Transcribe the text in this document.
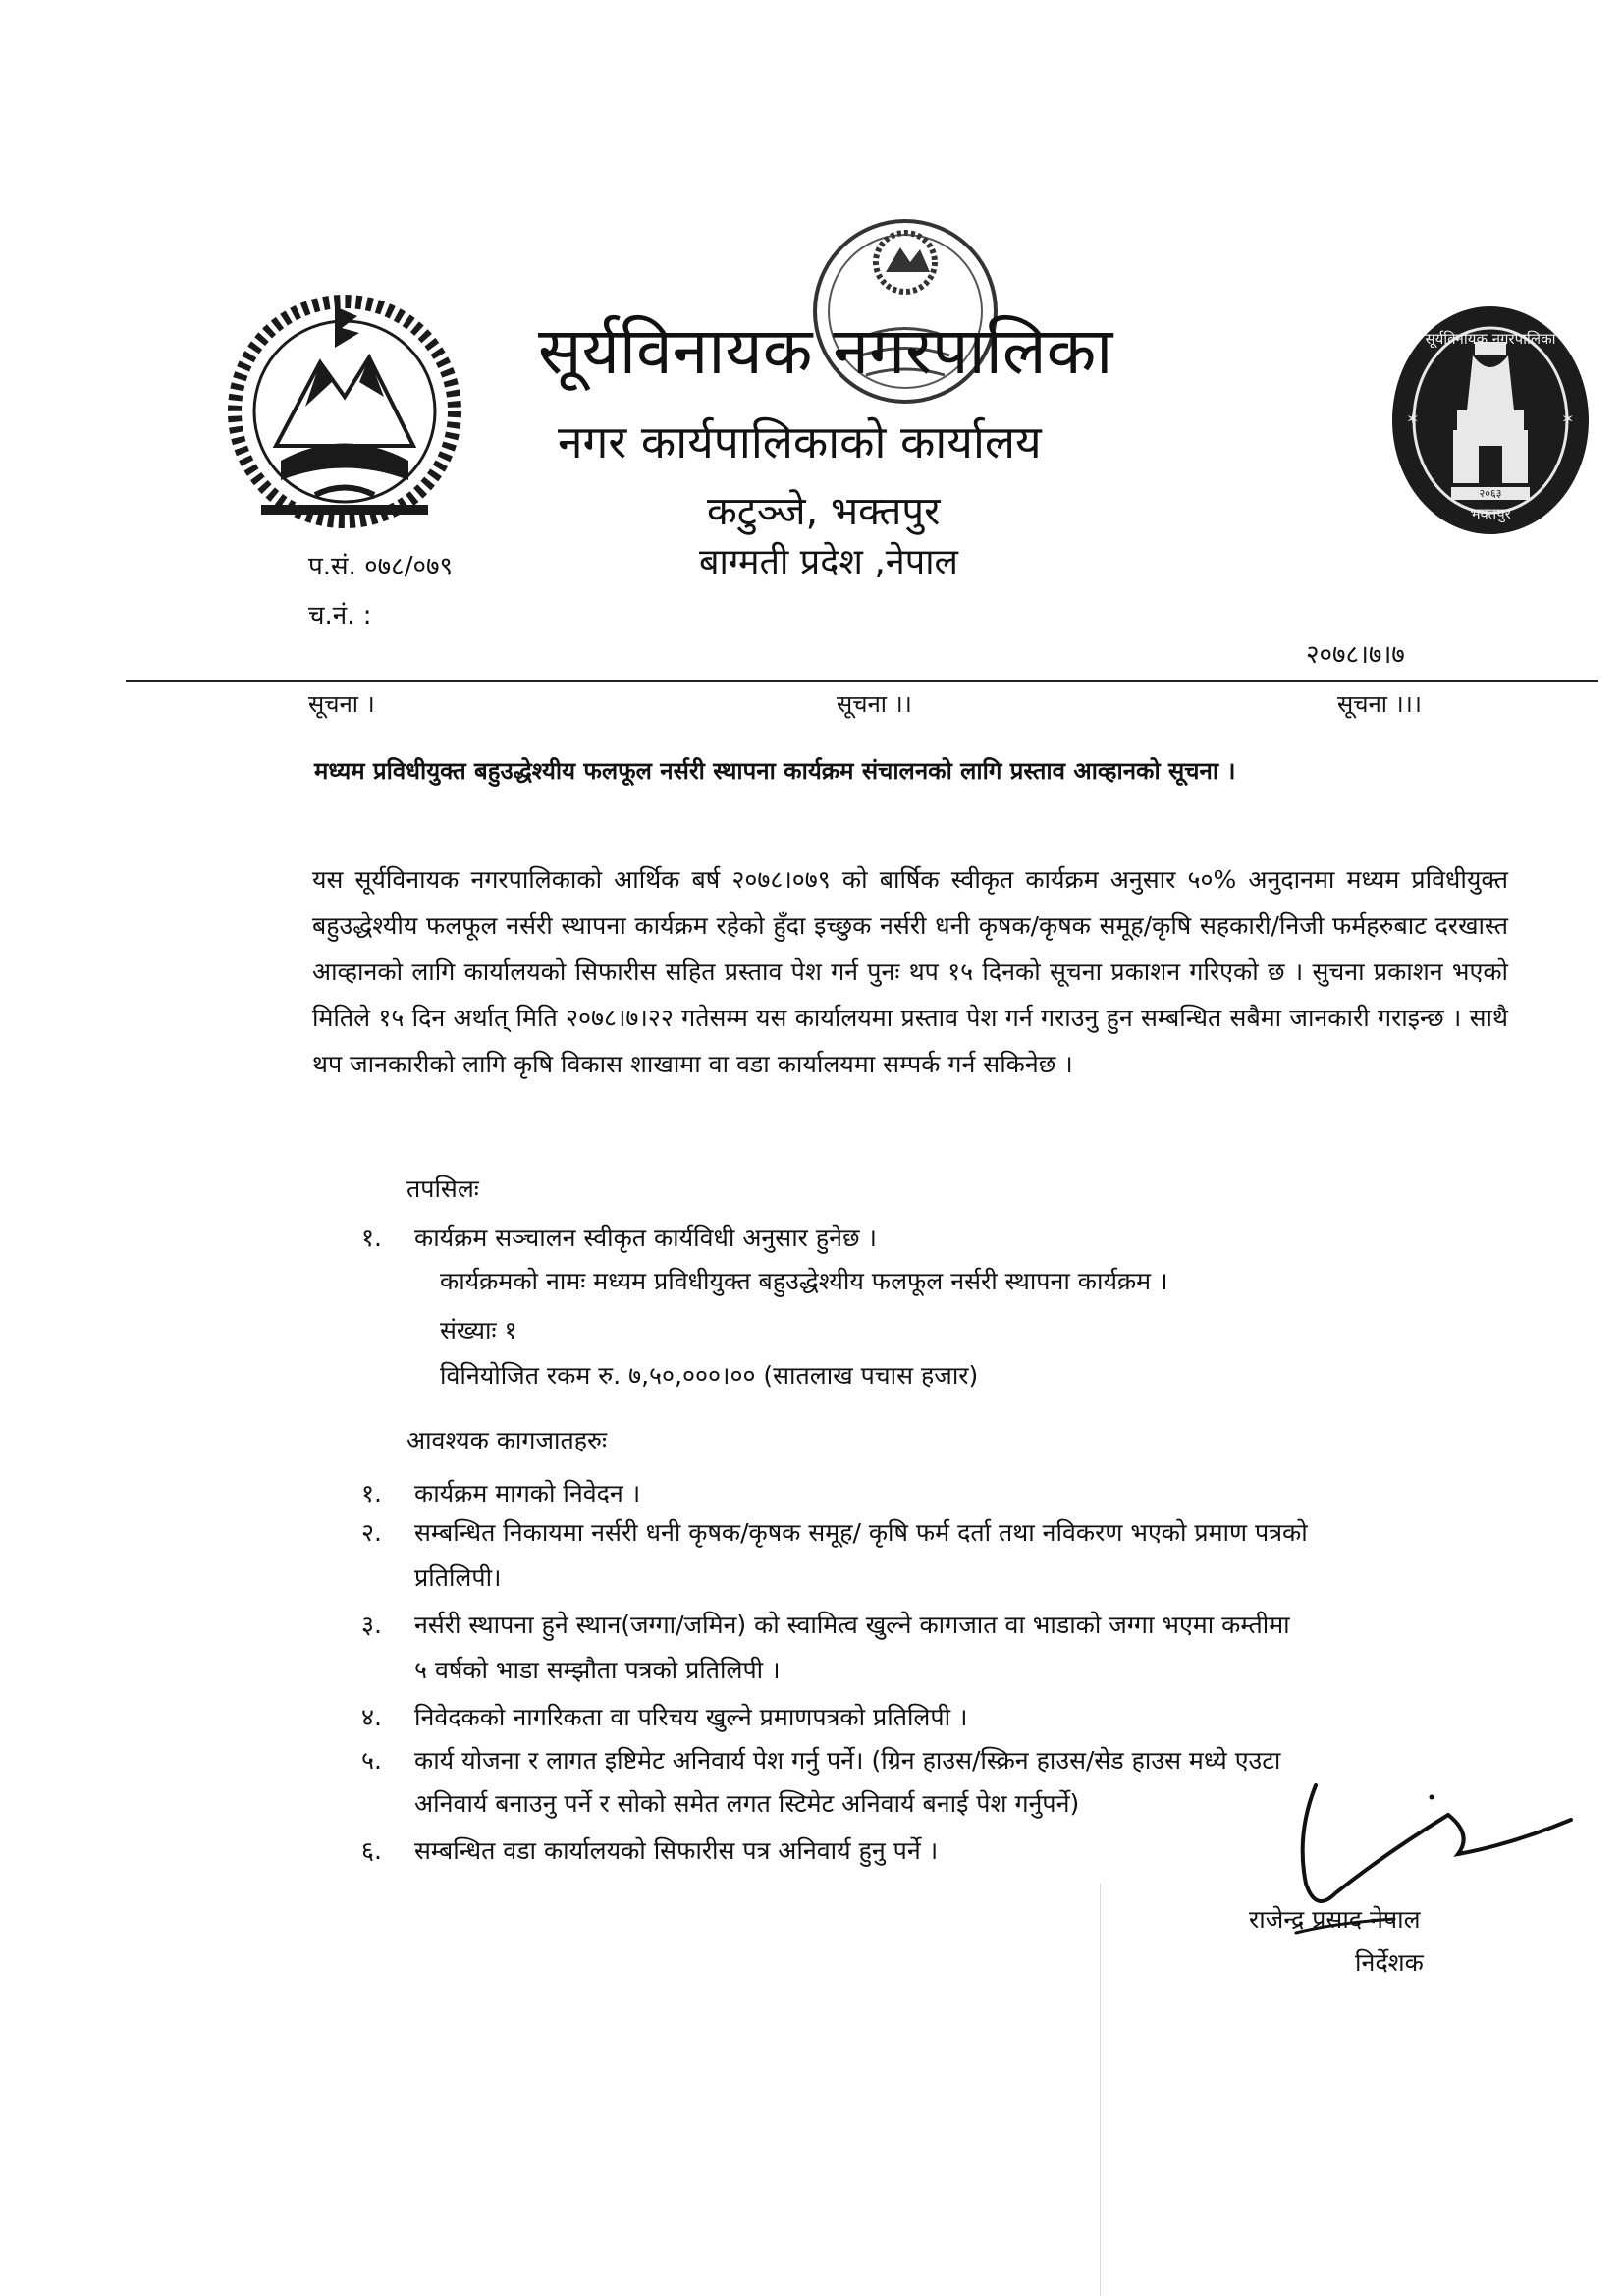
✶	✶
सूर्यविनायक नगरपालिका
२०६३
भक्तपुर
सूर्यविनायक नगरपालिका
नगर कार्यपालिकाको कार्यालय
कटुञ्जे, भक्तपुर
बाग्मती प्रदेश ,नेपाल
प.सं. ०७८/०७९
च.नं. :
२०७८।७।७
सूचना ।	सूचना ।।	सूचना ।।।
मध्यम प्रविधीयुक्त बहुउद्धेश्यीय फलफूल नर्सरी स्थापना कार्यक्रम संचालनको लागि प्रस्ताव आव्हानको सूचना ।
यस सूर्यविनायक नगरपालिकाको आर्थिक बर्ष २०७८।०७९ को बार्षिक स्वीकृत कार्यक्रम अनुसार ५०% अनुदानमा मध्यम प्रविधीयुक्त बहुउद्धेश्यीय फलफूल नर्सरी स्थापना कार्यक्रम रहेको हुँदा इच्छुक नर्सरी धनी कृषक/कृषक समूह/कृषि सहकारी/निजी फर्महरुबाट दरखास्त आव्हानको लागि कार्यालयको सिफारीस सहित प्रस्ताव पेश गर्न पुनः थप १५ दिनको सूचना प्रकाशन गरिएको छ । सुचना प्रकाशन भएको मितिले १५ दिन अर्थात् मिति २०७८।७।२२ गतेसम्म यस कार्यालयमा प्रस्ताव पेश गर्न गराउनु हुन सम्बन्धित सबैमा जानकारी गराइन्छ । साथै थप जानकारीको लागि कृषि विकास शाखामा वा वडा कार्यालयमा सम्पर्क गर्न सकिनेछ ।
तपसिलः
१. कार्यक्रम सञ्चालन स्वीकृत कार्यविधी अनुसार हुनेछ ।
कार्यक्रमको नामः मध्यम प्रविधीयुक्त बहुउद्धेश्यीय फलफूल नर्सरी स्थापना कार्यक्रम ।
संख्याः १
विनियोजित रकम रु. ७,५०,०००।०० (सातलाख पचास हजार)
आवश्यक कागजातहरुः
१. कार्यक्रम मागको निवेदन ।
२. सम्बन्धित निकायमा नर्सरी धनी कृषक/कृषक समूह/ कृषि फर्म दर्ता तथा नविकरण भएको प्रमाण पत्रको
प्रतिलिपी।
३. नर्सरी स्थापना हुने स्थान(जग्गा/जमिन) को स्वामित्व खुल्ने कागजात वा भाडाको जग्गा भएमा कम्तीमा
५ वर्षको भाडा सम्झौता पत्रको प्रतिलिपी ।
४. निवेदकको नागरिकता वा परिचय खुल्ने प्रमाणपत्रको प्रतिलिपी ।
५. कार्य योजना र लागत इष्टिमेट अनिवार्य पेश गर्नु पर्ने। (ग्रिन हाउस/स्क्रिन हाउस/सेड हाउस मध्ये एउटा
अनिवार्य बनाउनु पर्ने र सोको समेत लगत स्टिमेट अनिवार्य बनाई पेश गर्नुपर्ने)
६. सम्बन्धित वडा कार्यालयको सिफारीस पत्र अनिवार्य हुनु पर्ने ।
राजेन्द्र प्रसाद नेपाल
निर्देशक
